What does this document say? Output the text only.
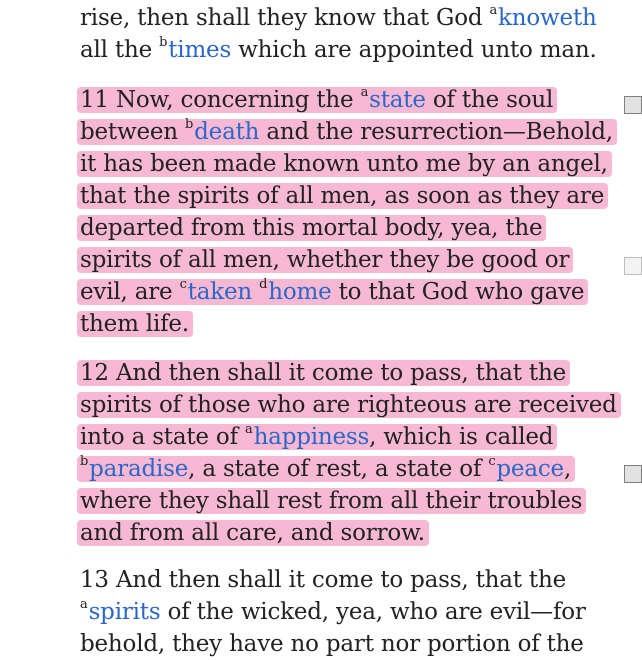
rise, then shall they know that God $^a$knoweth
all the $^b$times which are appointed unto man.
11 Now, concerning the $^a$state of the soul
between $^b$death and the resurrection—Behold,
it has been made known unto me by an angel,
that the spirits of all men, as soon as they are
departed from this mortal body, yea, the
spirits of all men, whether they be good or
evil, are $^c$taken $^d$home to that God who gave
them life.
12 And then shall it come to pass, that the
spirits of those who are righteous are received
into a state of $^a$happiness, which is called
$^b$paradise, a state of rest, a state of $^c$peace,
where they shall rest from all their troubles
and from all care, and sorrow.
13 And then shall it come to pass, that the
$^a$spirits of the wicked, yea, who are evil—for
behold, they have no part nor portion of the
